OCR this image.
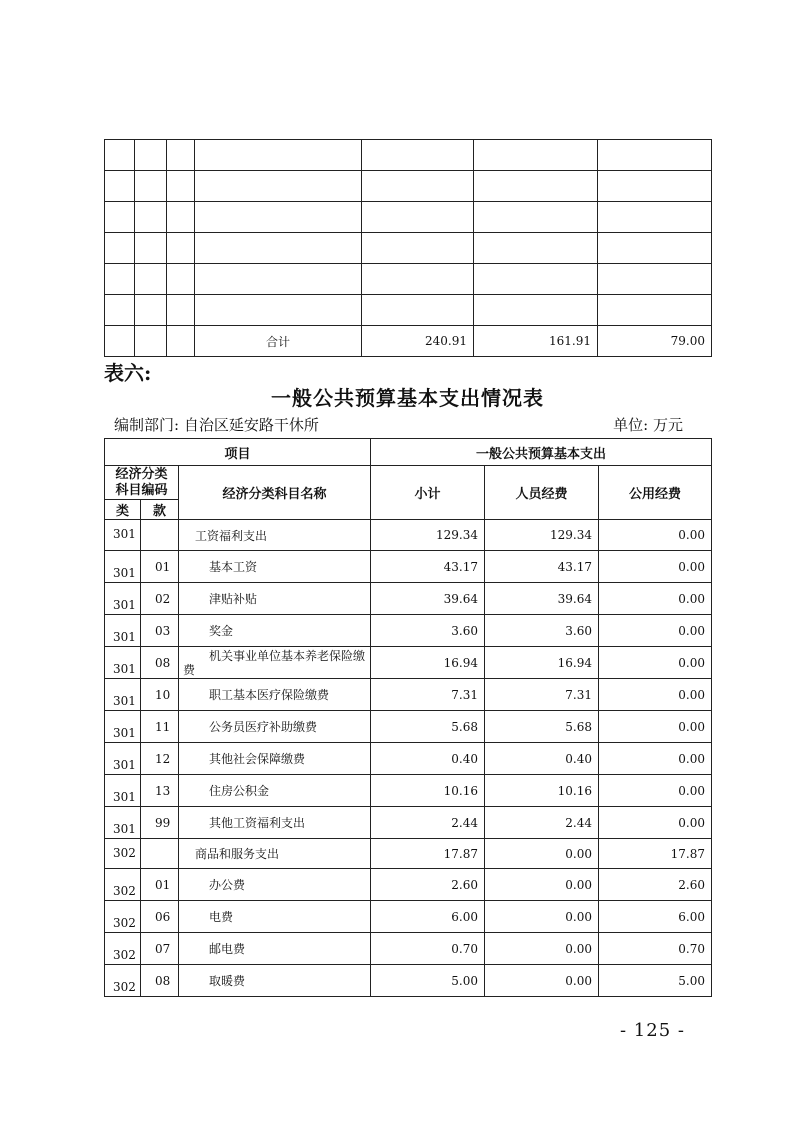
			合计	240.91	161.91	79.00
表六:
一般公共预算基本支出情况表
编制部门: 自治区延安路干休所	单位: 万元
项目			一般公共预算基本支出		

经济分类
科目编码		经济分类科目名称	小计	人员经费	公用经费
类	款				
301		工资福利支出	129.34	129.34	0.00
301	01	基本工资	43.17	43.17	0.00
301	02	津贴补贴	39.64	39.64	0.00
301	03	奖金	3.60	3.60	0.00
301	08	机关事业单位基本养老保险缴费	16.94	16.94	0.00
301	10	职工基本医疗保险缴费	7.31	7.31	0.00
301	11	公务员医疗补助缴费	5.68	5.68	0.00
301	12	其他社会保障缴费	0.40	0.40	0.00
301	13	住房公积金	10.16	10.16	0.00
301	99	其他工资福利支出	2.44	2.44	0.00
302		商品和服务支出	17.87	0.00	17.87
302	01	办公费	2.60	0.00	2.60
302	06	电费	6.00	0.00	6.00
302	07	邮电费	0.70	0.00	0.70
302	08	取暖费	5.00	0.00	5.00
- 125 -
